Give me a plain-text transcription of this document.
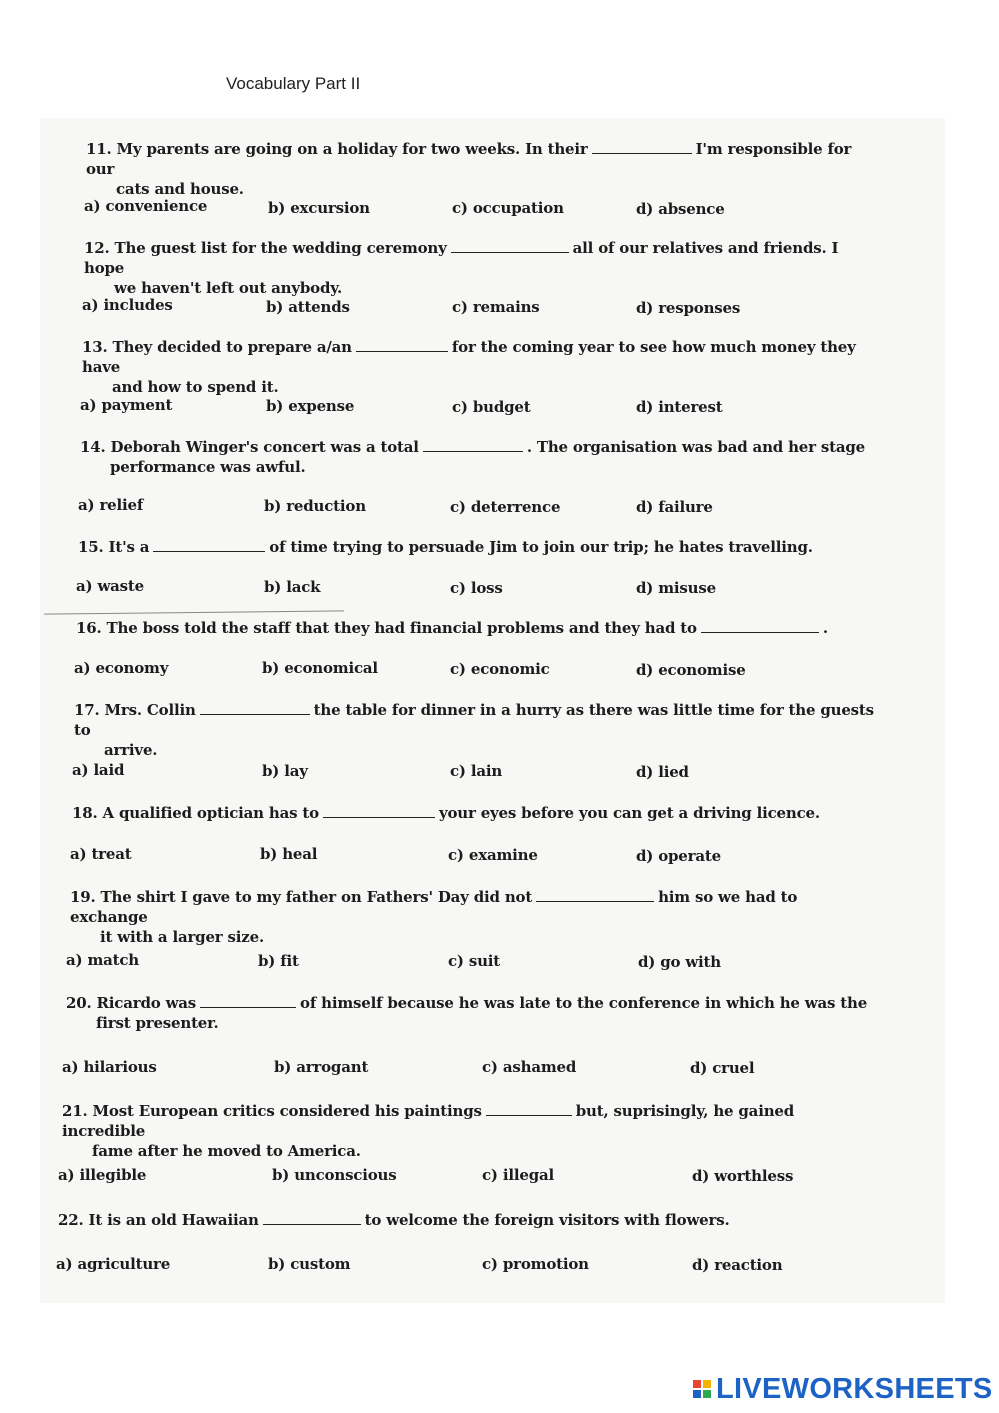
Vocabulary Part II
11. My parents are going on a holiday for two weeks. In their	I'm responsible for our
cats and house.
a) convenience	b) excursion	c) occupation	d) absence
12. The guest list for the wedding ceremony	all of our relatives and friends. I hope
we haven't left out anybody.
a) includes	b) attends	c) remains	d) responses
13. They decided to prepare a/an	for the coming year to see how much money they have
and how to spend it.
a) payment	b) expense	c) budget	d) interest
14. Deborah Winger's concert was a total	. The organisation was bad and her stage
performance was awful.
a) relief	b) reduction	c) deterrence	d) failure
15. It's a	of time trying to persuade Jim to join our trip; he hates travelling.
a) waste	b) lack	c) loss	d) misuse
16. The boss told the staff that they had financial problems and they had to	.
a) economy	b) economical	c) economic	d) economise
17. Mrs. Collin	the table for dinner in a hurry as there was little time for the guests to
arrive.
a) laid	b) lay	c) lain	d) lied
18. A qualified optician has to	your eyes before you can get a driving licence.
a) treat	b) heal	c) examine	d) operate
19. The shirt I gave to my father on Fathers' Day did not	him so we had to exchange
it with a larger size.
a) match	b) fit	c) suit	d) go with
20. Ricardo was	of himself because he was late to the conference in which he was the
first presenter.
a) hilarious	b) arrogant	c) ashamed	d) cruel
21. Most European critics considered his paintings	but, suprisingly, he gained incredible
fame after he moved to America.
a) illegible	b) unconscious	c) illegal	d) worthless
22. It is an old Hawaiian	to welcome the foreign visitors with flowers.
a) agriculture	b) custom	c) promotion	d) reaction
LIVEWORKSHEETS
